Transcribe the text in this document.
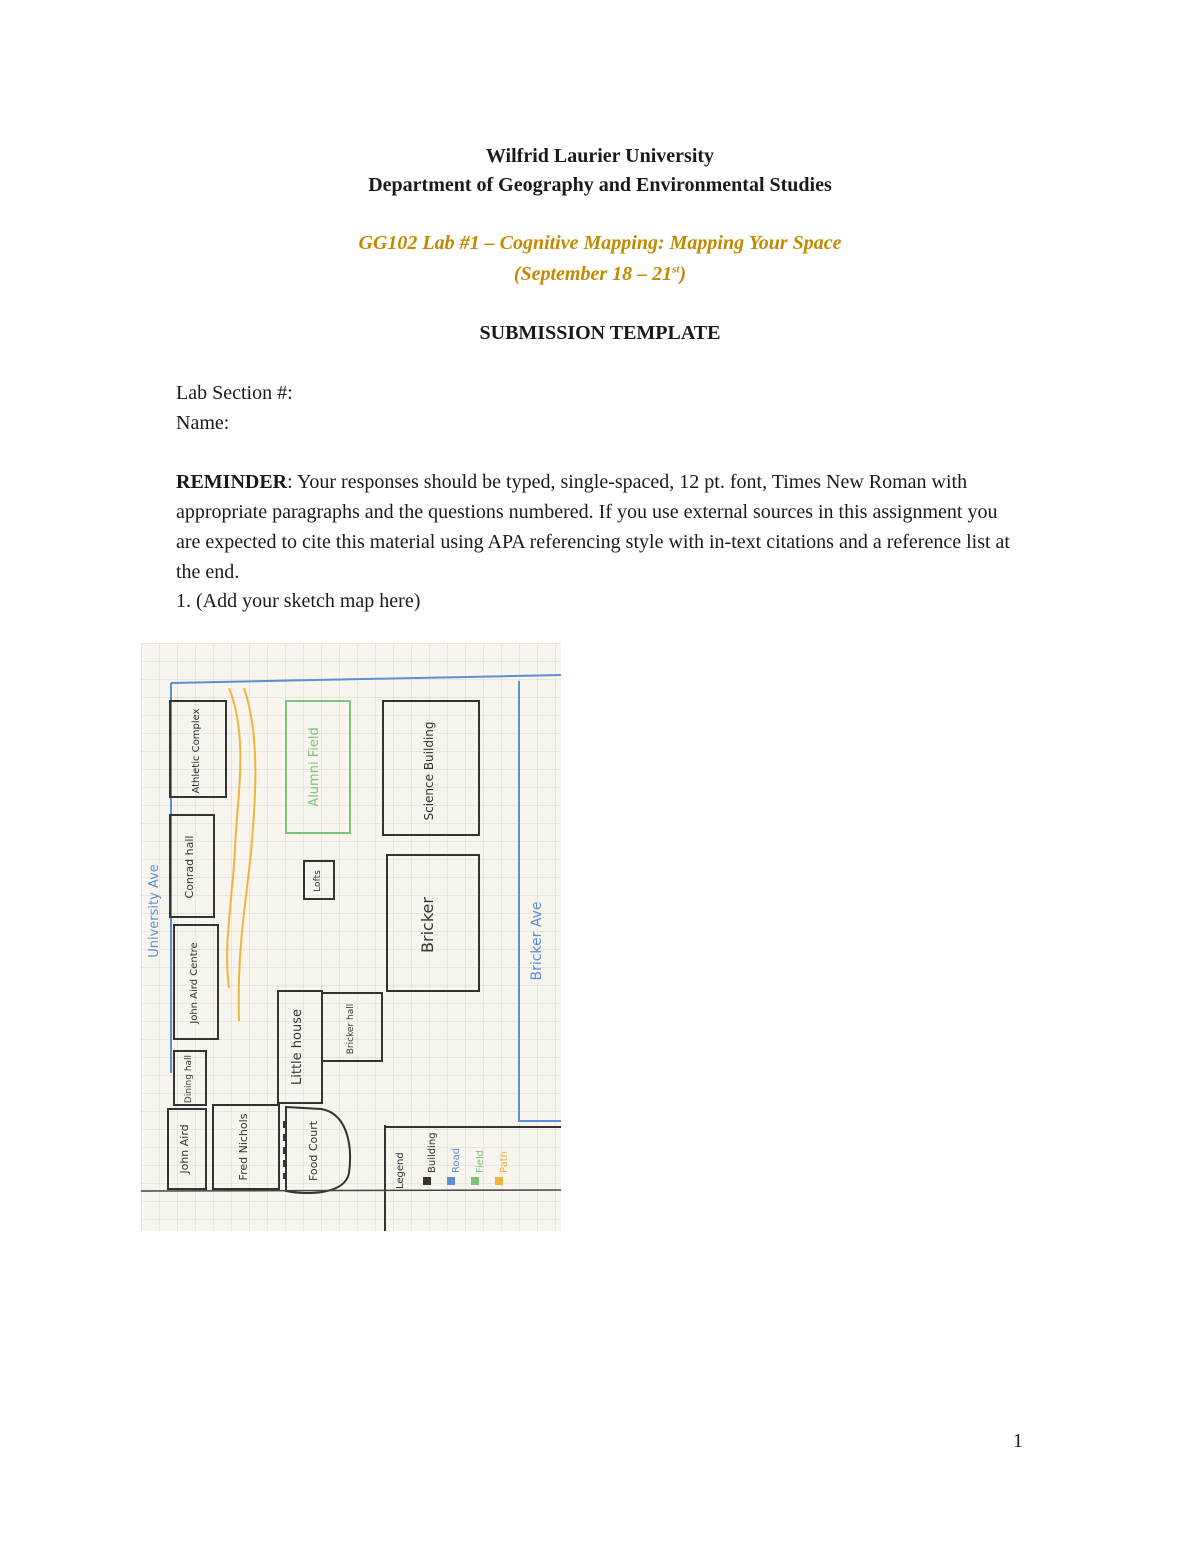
Wilfrid Laurier University
Department of Geography and Environmental Studies
GG102 Lab #1 – Cognitive Mapping: Mapping Your Space
(September 18 – 21st)
SUBMISSION TEMPLATE
Lab Section #:
Name:
REMINDER: Your responses should be typed, single-spaced, 12 pt. font, Times New Roman with appropriate paragraphs and the questions numbered. If you use external sources in this assignment you are expected to cite this material using APA referencing style with in-text citations and a reference list at the end.
1. (Add your sketch map here)
Alumni Field
University Ave	Bricker Ave
Athletic Complex	Science Building
Conrad hall	Lofts
Bricker
John Aird Centre
Bricker hall
Little house
Dining hall
John Aird	Fred Nichols	Food Court	Legend Building Road Field Path
1
